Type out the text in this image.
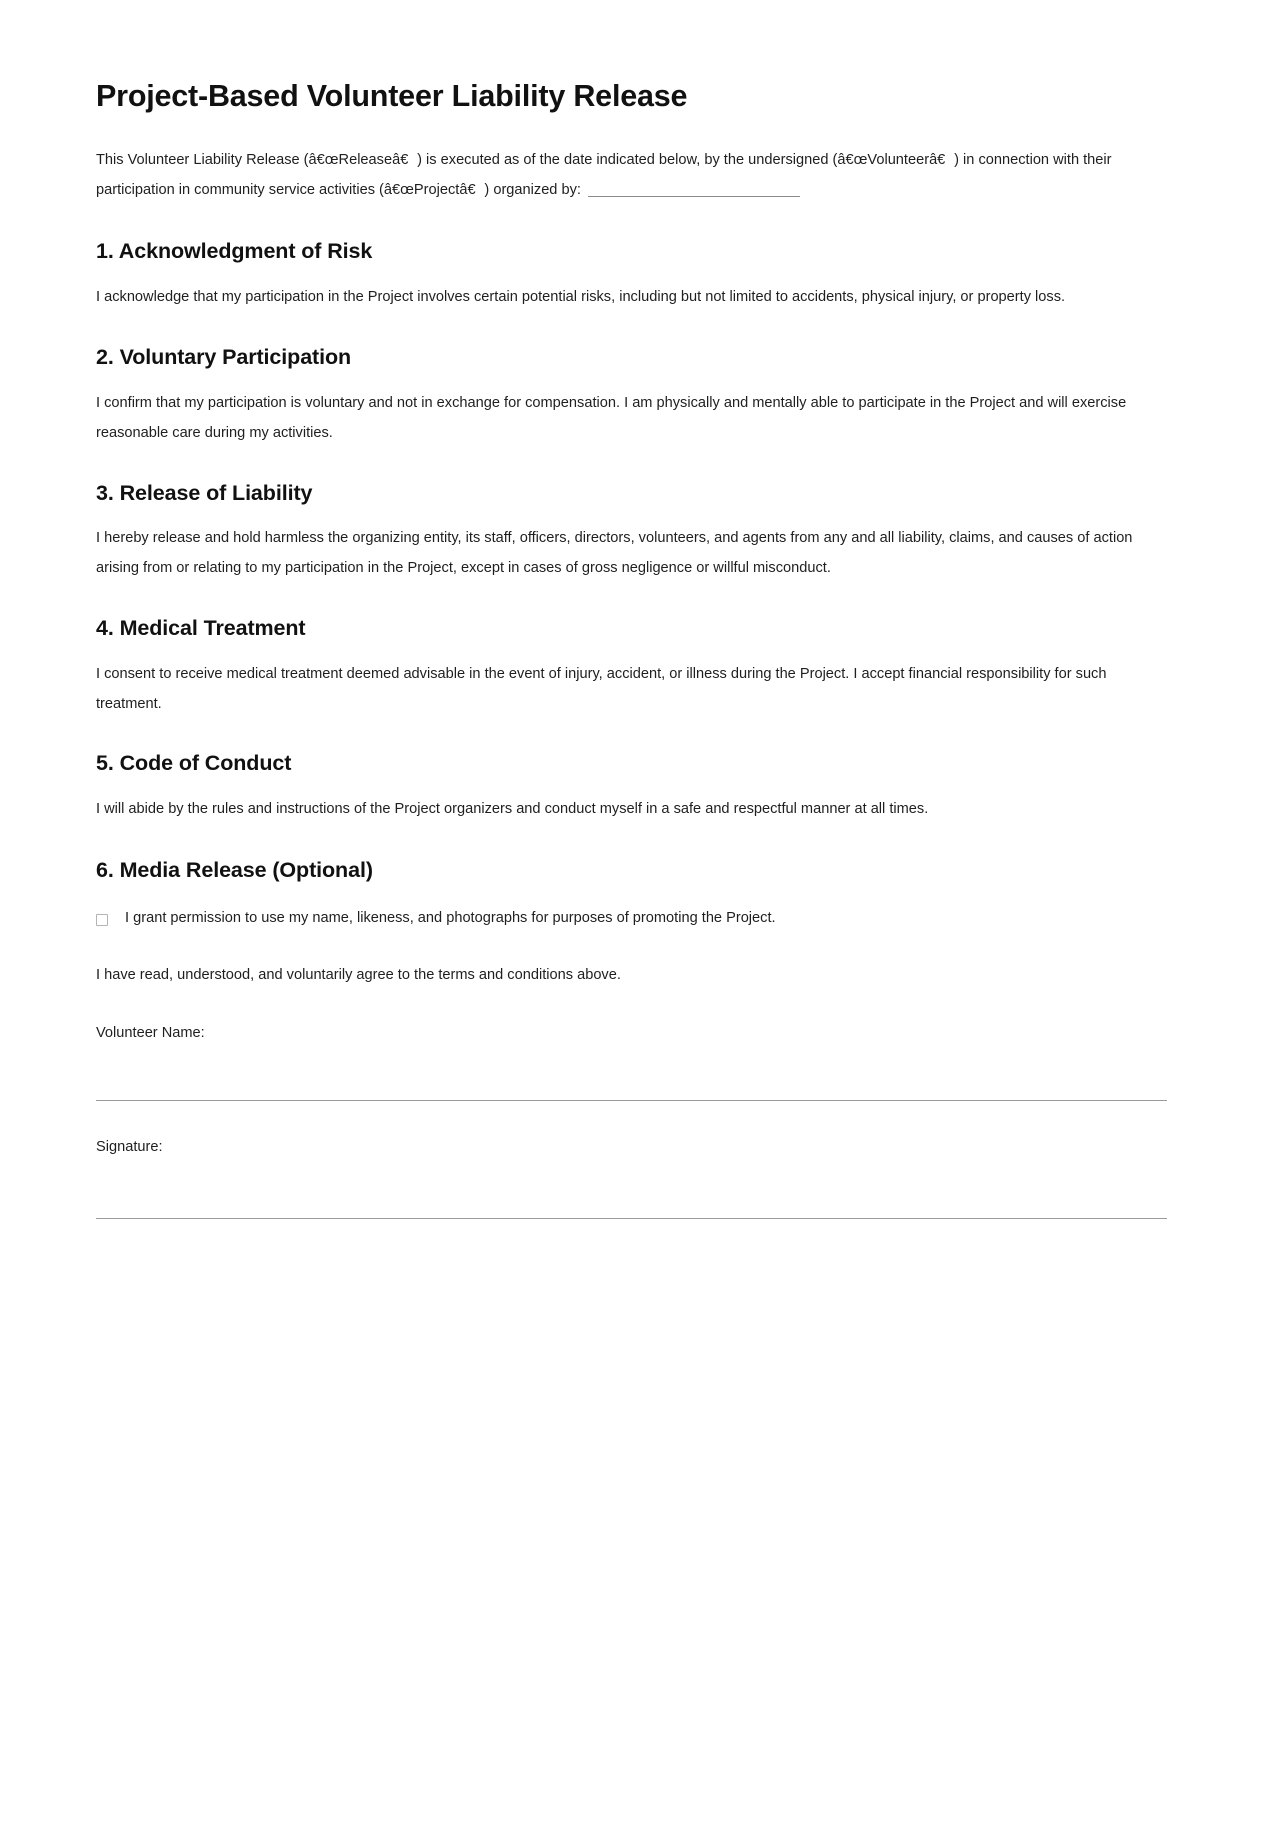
Project-Based Volunteer Liability Release

This Volunteer Liability Release (â€œReleaseâ€) is executed as of the date indicated below, by the undersigned (â€œVolunteerâ€) in connection with their participation in community service activities (â€œProjectâ€) organized by:

1. Acknowledgment of Risk

I acknowledge that my participation in the Project involves certain potential risks, including but not limited to accidents, physical injury, or property loss.

2. Voluntary Participation

I confirm that my participation is voluntary and not in exchange for compensation. I am physically and mentally able to participate in the Project and will exercise reasonable care during my activities.

3. Release of Liability

I hereby release and hold harmless the organizing entity, its staff, officers, directors, volunteers, and agents from any and all liability, claims, and causes of action arising from or relating to my participation in the Project, except in cases of gross negligence or willful misconduct.

4. Medical Treatment

I consent to receive medical treatment deemed advisable in the event of injury, accident, or illness during the Project. I accept financial responsibility for such treatment.

5. Code of Conduct

I will abide by the rules and instructions of the Project organizers and conduct myself in a safe and respectful manner at all times.

6. Media Release (Optional)
I grant permission to use my name, likeness, and photographs for purposes of promoting the Project.

I have read, understood, and voluntarily agree to the terms and conditions above.

Volunteer Name:

Signature:
